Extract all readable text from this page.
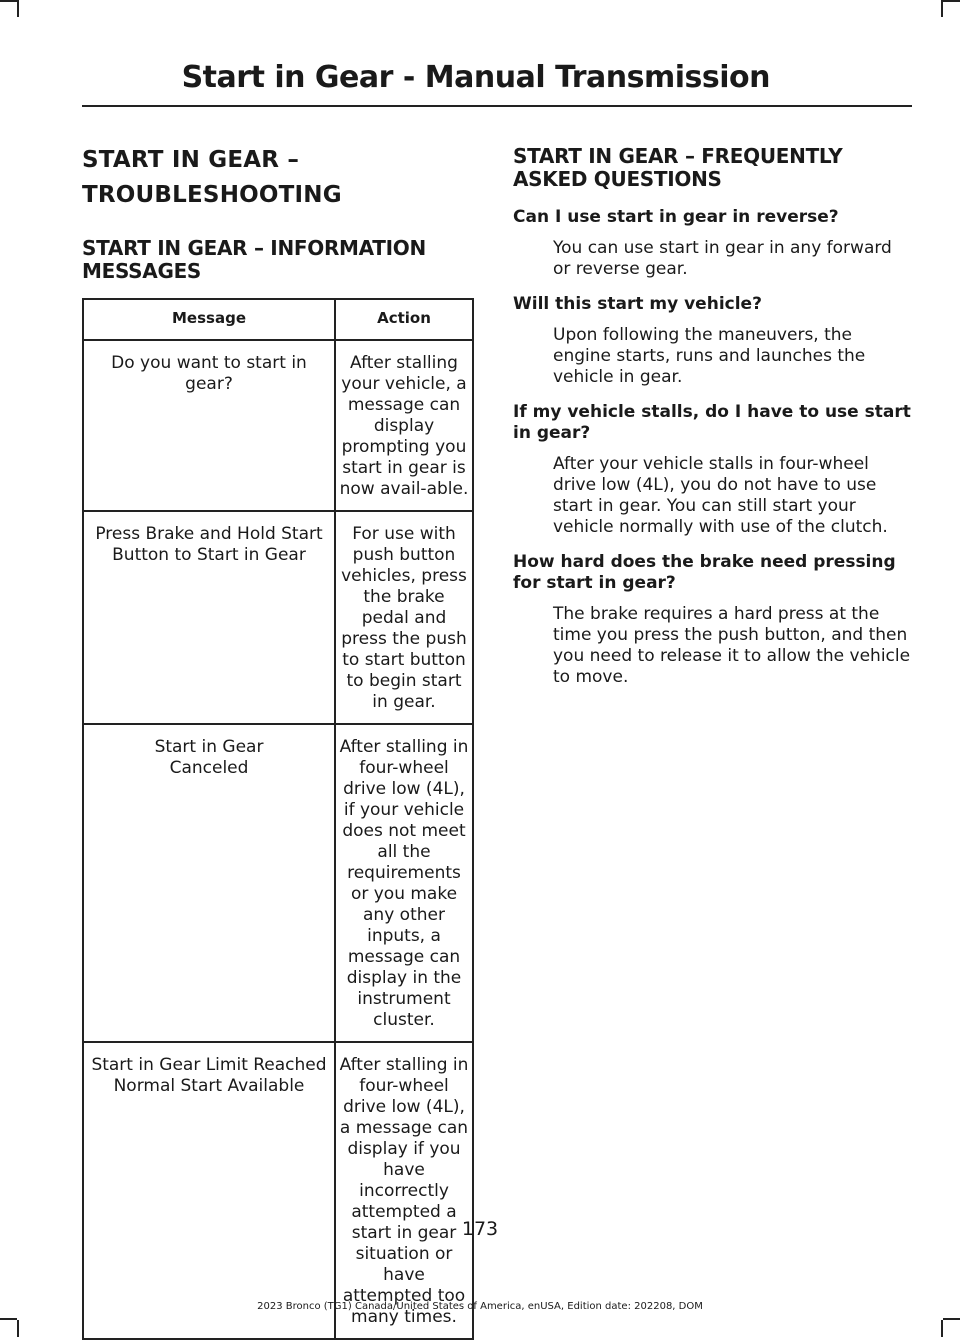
Start in Gear - Manual Transmission
START IN GEAR –
TROUBLESHOOTING
START IN GEAR – INFORMATION MESSAGES
Message	Action
Do you want to start in gear?	After stalling your vehicle, a message can display prompting you start in gear is now avail-able.
Press Brake and Hold Start Button to Start in Gear	For use with push button vehicles, press the brake pedal and press the push to start button to begin start in gear.
Start in Gear Canceled	After stalling in four-wheel drive low (4L), if your vehicle does not meet all the requirements or you make any other inputs, a message can display in the instrument cluster.
Start in Gear Limit Reached Normal Start Available	After stalling in four-wheel drive low (4L), a message can display if you have incorrectly attempted a start in gear situation or have attempted too many times.
START IN GEAR – FREQUENTLY ASKED QUESTIONS
Can I use start in gear in reverse?
You can use start in gear in any forward or reverse gear.
Will this start my vehicle?
Upon following the maneuvers, the engine starts, runs and launches the vehicle in gear.
If my vehicle stalls, do I have to use start in gear?
After your vehicle stalls in four-wheel drive low (4L), you do not have to use start in gear. You can still start your vehicle normally with use of the clutch.
How hard does the brake need pressing for start in gear?
The brake requires a hard press at the time you press the push button, and then you need to release it to allow the vehicle to move.
173
2023 Bronco (TG1) Canada/United States of America, enUSA, Edition date: 202208, DOM
